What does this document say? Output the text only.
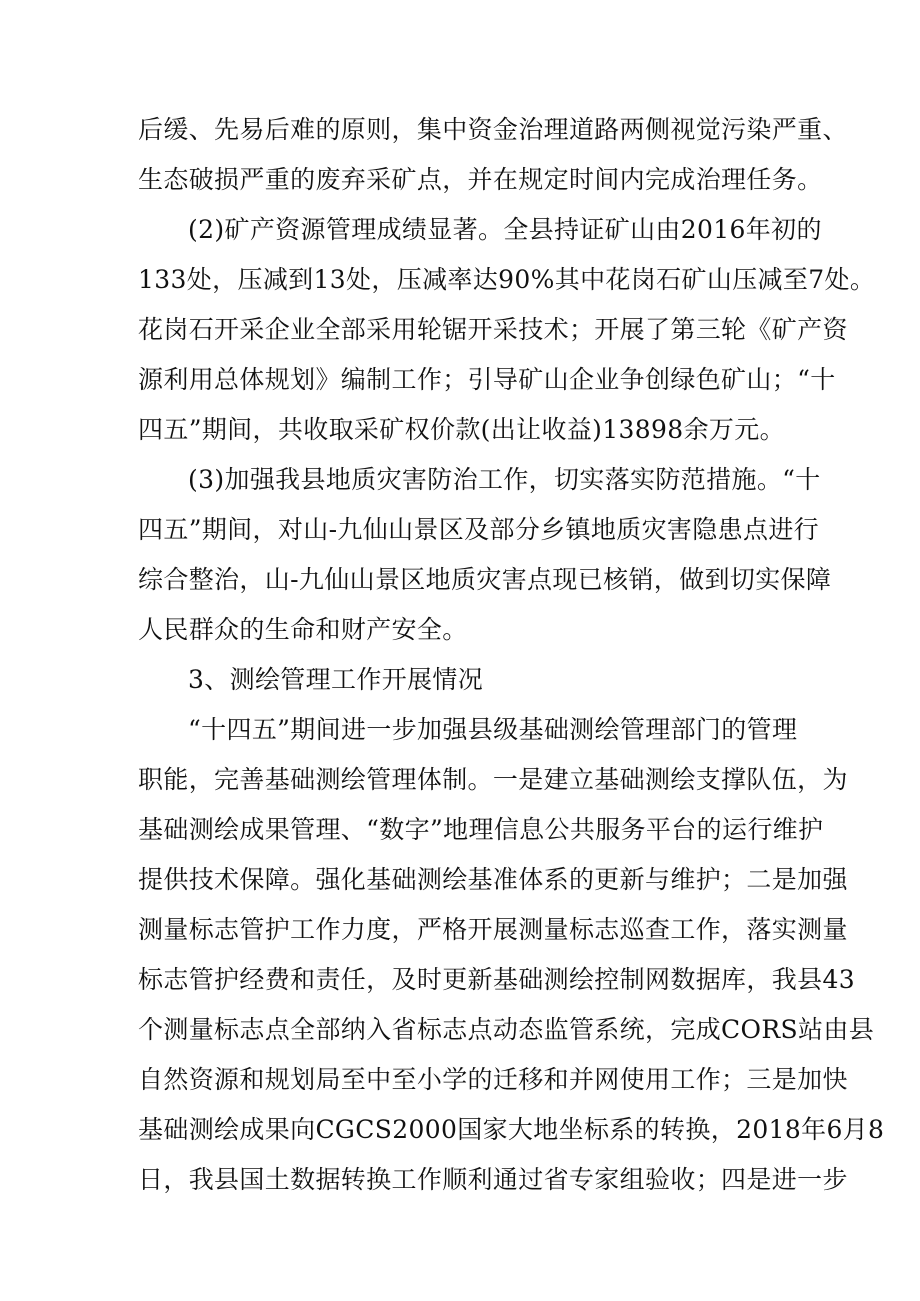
后缓、先易后难的原则，集中资金治理道路两侧视觉污染严重、
生态破损严重的废弃采矿点，并在规定时间内完成治理任务。
(2)矿产资源管理成绩显著。全县持证矿山由2016年初的
133处，压减到13处，压减率达90%其中花岗石矿山压减至7处。
花岗石开采企业全部采用轮锯开采技术；开展了第三轮《矿产资
源利用总体规划》编制工作；引导矿山企业争创绿色矿山；“十
四五”期间，共收取采矿权价款(出让收益)13898余万元。
(3)加强我县地质灾害防治工作，切实落实防范措施。“十
四五”期间，对山-九仙山景区及部分乡镇地质灾害隐患点进行
综合整治，山-九仙山景区地质灾害点现已核销，做到切实保障
人民群众的生命和财产安全。
3、测绘管理工作开展情况
“十四五”期间进一步加强县级基础测绘管理部门的管理
职能，完善基础测绘管理体制。一是建立基础测绘支撑队伍，为
基础测绘成果管理、“数字”地理信息公共服务平台的运行维护
提供技术保障。强化基础测绘基准体系的更新与维护；二是加强
测量标志管护工作力度，严格开展测量标志巡查工作，落实测量
标志管护经费和责任，及时更新基础测绘控制网数据库，我县43
个测量标志点全部纳入省标志点动态监管系统，完成CORS站由县
自然资源和规划局至中至小学的迁移和并网使用工作；三是加快
基础测绘成果向CGCS2000国家大地坐标系的转换，2018年6月8
日，我县国土数据转换工作顺利通过省专家组验收；四是进一步
